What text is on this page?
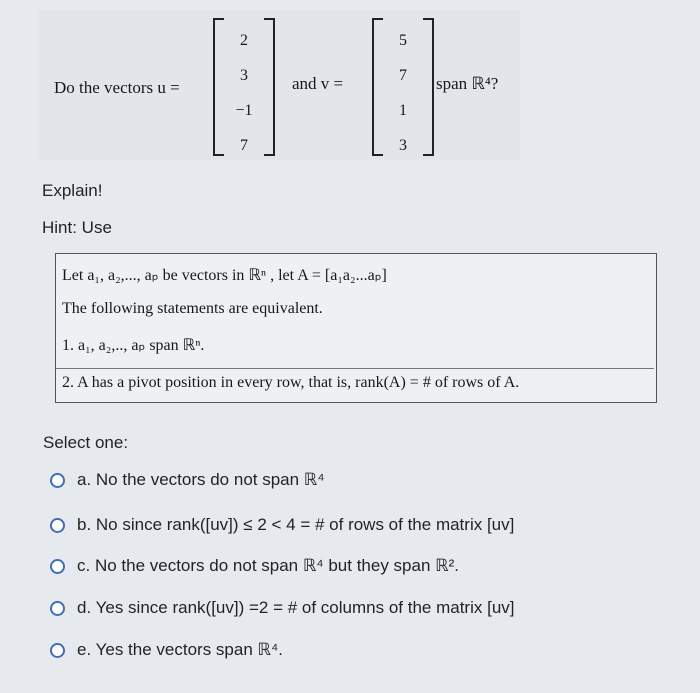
Do the vectors u =
2
3
−1
7
and v =
5
7
1
3
span ℝ⁴?
Explain!
Hint: Use
Let a₁, a₂,..., aₚ be vectors in ℝⁿ , let A = [a₁a₂...aₚ]
The following statements are equivalent.
1. a₁, a₂,.., aₚ span ℝⁿ.
2. A has a pivot position in every row, that is, rank(A) = # of rows of A.
Select one:
a. No the vectors do not span ℝ⁴
b. No since rank([uv]) ≤ 2 < 4 = # of rows of the matrix [uv]
c. No the vectors do not span ℝ⁴ but they span ℝ².
d. Yes since rank([uv]) =2 = # of columns of the matrix [uv]
e. Yes the vectors span ℝ⁴.
